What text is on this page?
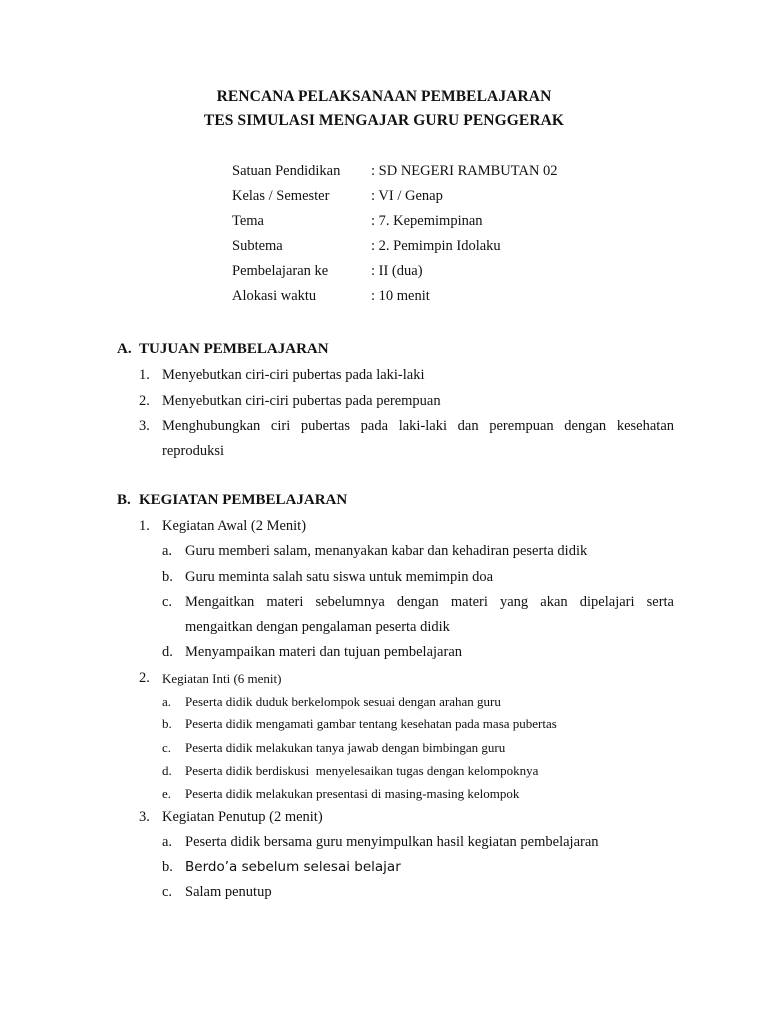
RENCANA PELAKSANAAN PEMBELAJARAN
TES SIMULASI MENGAJAR GURU PENGGERAK
Satuan Pendidikan : SD NEGERI RAMBUTAN 02
Kelas / Semester	: VI / Genap
Tema	: 7. Kepemimpinan
Subtema	: 2. Pemimpin Idolaku
Pembelajaran ke	: II (dua)
Alokasi waktu	: 10 menit
A. TUJUAN PEMBELAJARAN
1. Menyebutkan ciri-ciri pubertas pada laki-laki
2. Menyebutkan ciri-ciri pubertas pada perempuan
3. Menghubungkan ciri pubertas pada laki-laki dan perempuan dengan kesehatan
reproduksi
B. KEGIATAN PEMBELAJARAN
1. Kegiatan Awal (2 Menit)
a. Guru memberi salam, menanyakan kabar dan kehadiran peserta didik
b. Guru meminta salah satu siswa untuk memimpin doa
c. Mengaitkan materi sebelumnya dengan materi yang akan dipelajari serta
mengaitkan dengan pengalaman peserta didik
d. Menyampaikan materi dan tujuan pembelajaran
2. Kegiatan Inti (6 menit)
a. Peserta didik duduk berkelompok sesuai dengan arahan guru
b. Peserta didik mengamati gambar tentang kesehatan pada masa pubertas
c. Peserta didik melakukan tanya jawab dengan bimbingan guru
d. Peserta didik berdiskusi  menyelesaikan tugas dengan kelompoknya
e. Peserta didik melakukan presentasi di masing-masing kelompok
3. Kegiatan Penutup (2 menit)
a. Peserta didik bersama guru menyimpulkan hasil kegiatan pembelajaran
b. Berdo’a sebelum selesai belajar
c. Salam penutup
